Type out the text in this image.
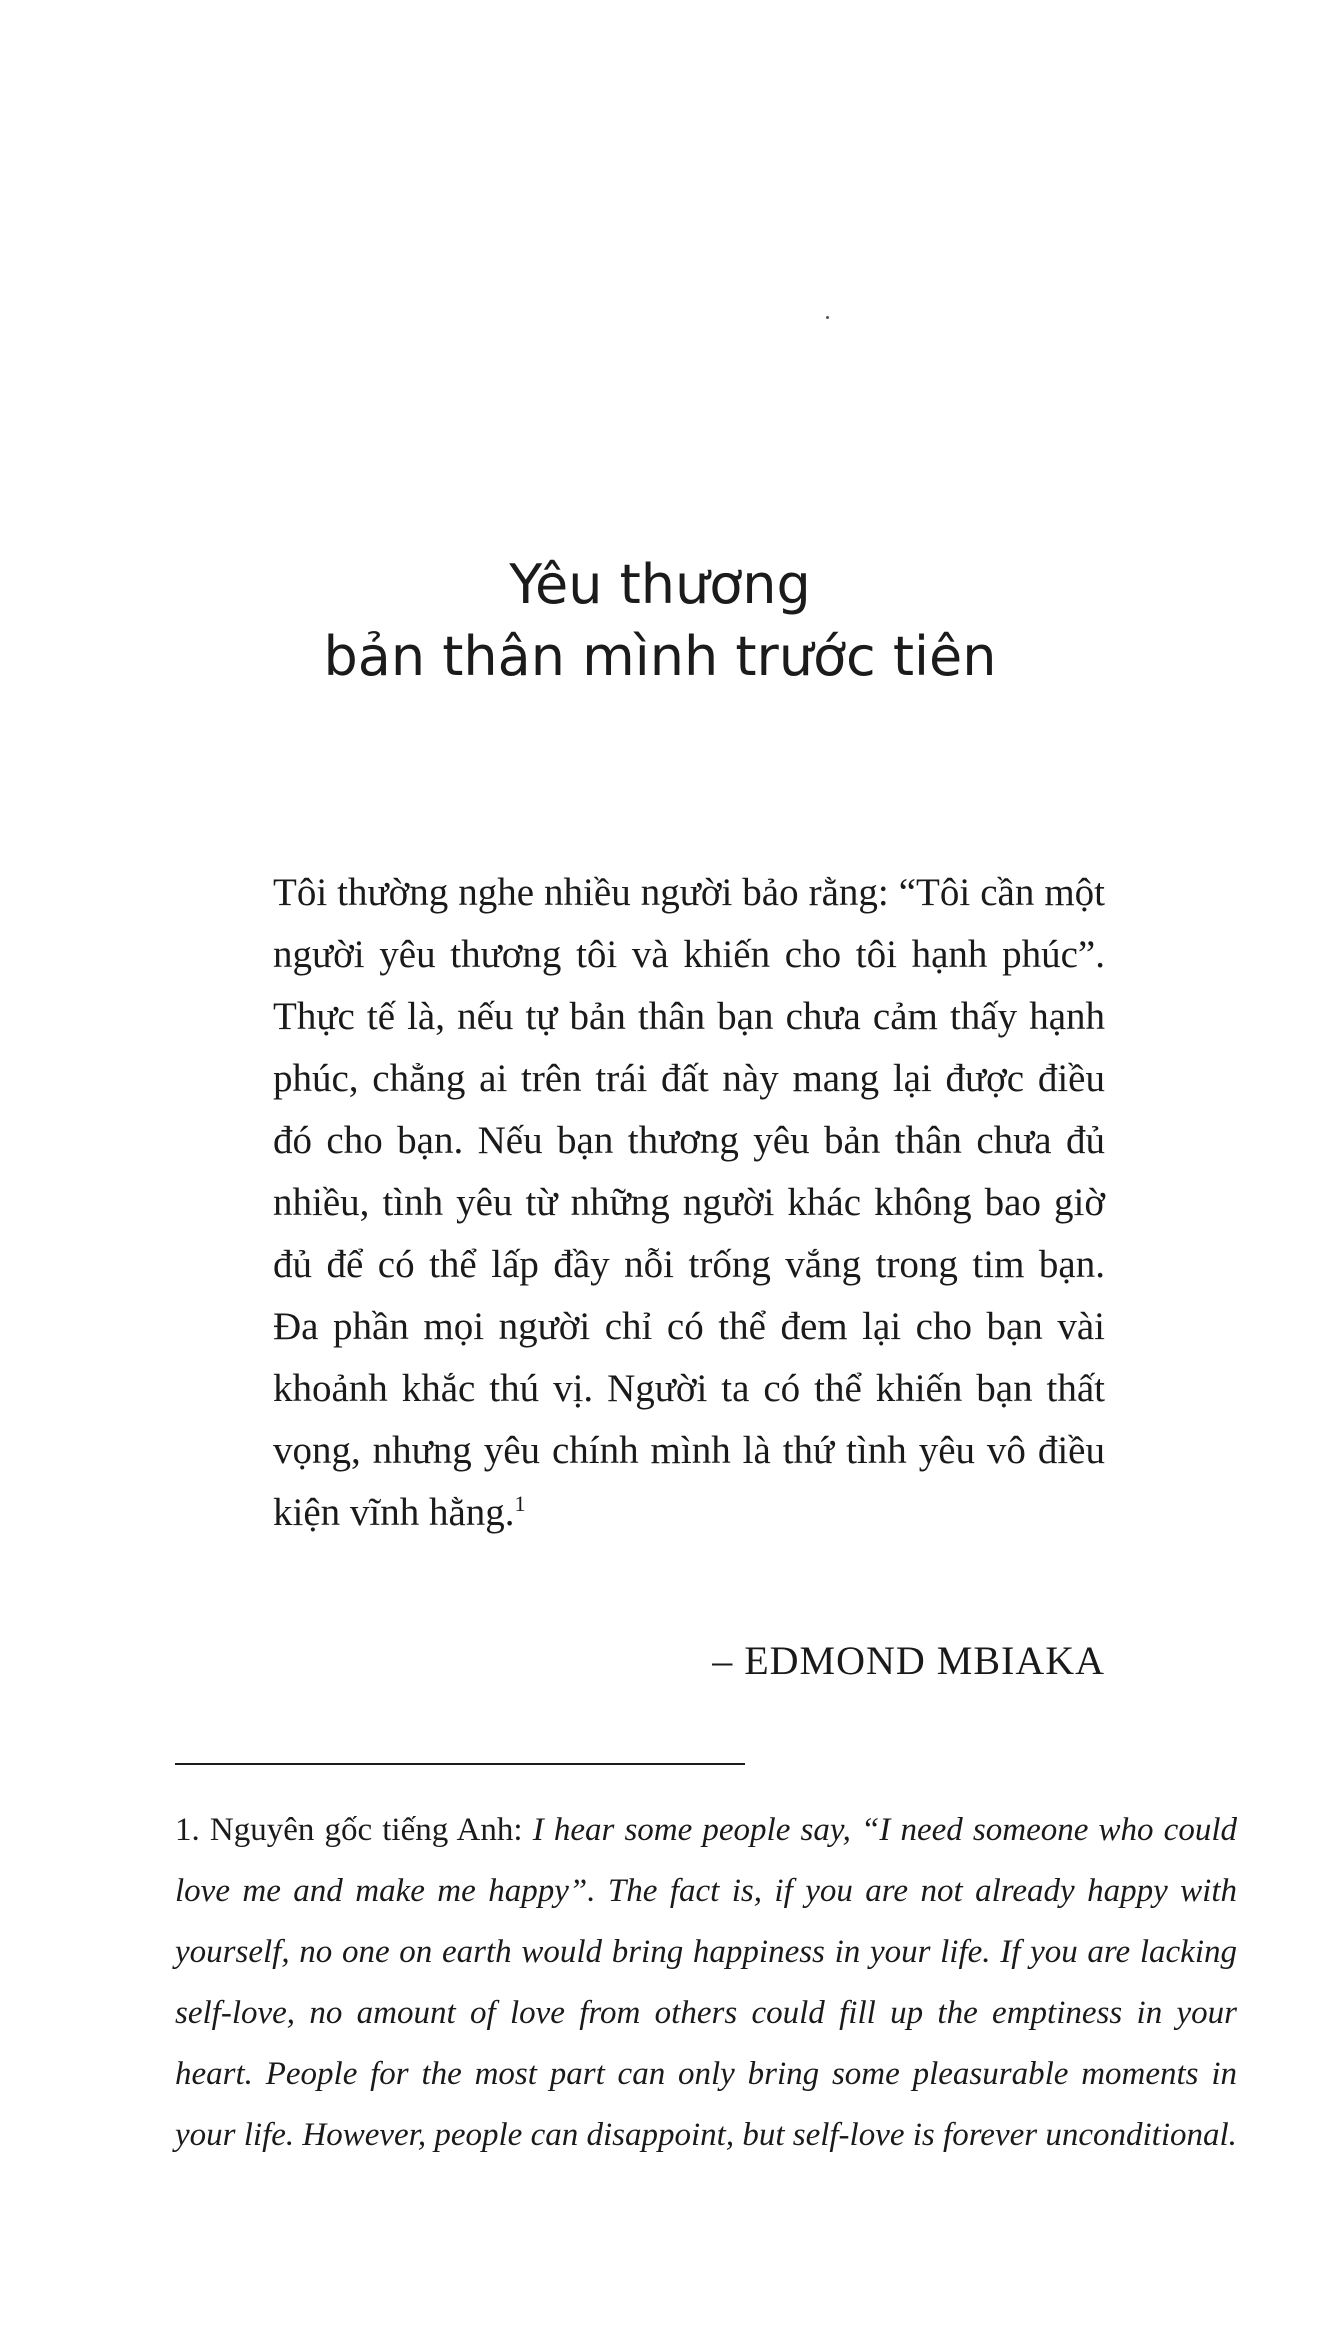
Yêu thương
bản thân mình trước tiên

Tôi thường nghe nhiều người bảo rằng: “Tôi cần một người yêu thương tôi và khiến cho tôi hạnh phúc”. Thực tế là, nếu tự bản thân bạn chưa cảm thấy hạnh phúc, chẳng ai trên trái đất này mang lại được điều đó cho bạn. Nếu bạn thương yêu bản thân chưa đủ nhiều, tình yêu từ những người khác không bao giờ đủ để có thể lấp đầy nỗi trống vắng trong tim bạn. Đa phần mọi người chỉ có thể đem lại cho bạn vài khoảnh khắc thú vị. Người ta có thể khiến bạn thất vọng, nhưng yêu chính mình là thứ tình yêu vô điều kiện vĩnh hằng.$^1$

– EDMOND MBIAKA

1. Nguyên gốc tiếng Anh: I hear some people say, “I need someone who could love me and make me happy”. The fact is, if you are not already happy with yourself, no one on earth would bring happiness in your life. If you are lacking self-love, no amount of love from others could fill up the emptiness in your heart. People for the most part can only bring some pleasurable moments in your life. However, people can disappoint, but self-love is forever unconditional.
